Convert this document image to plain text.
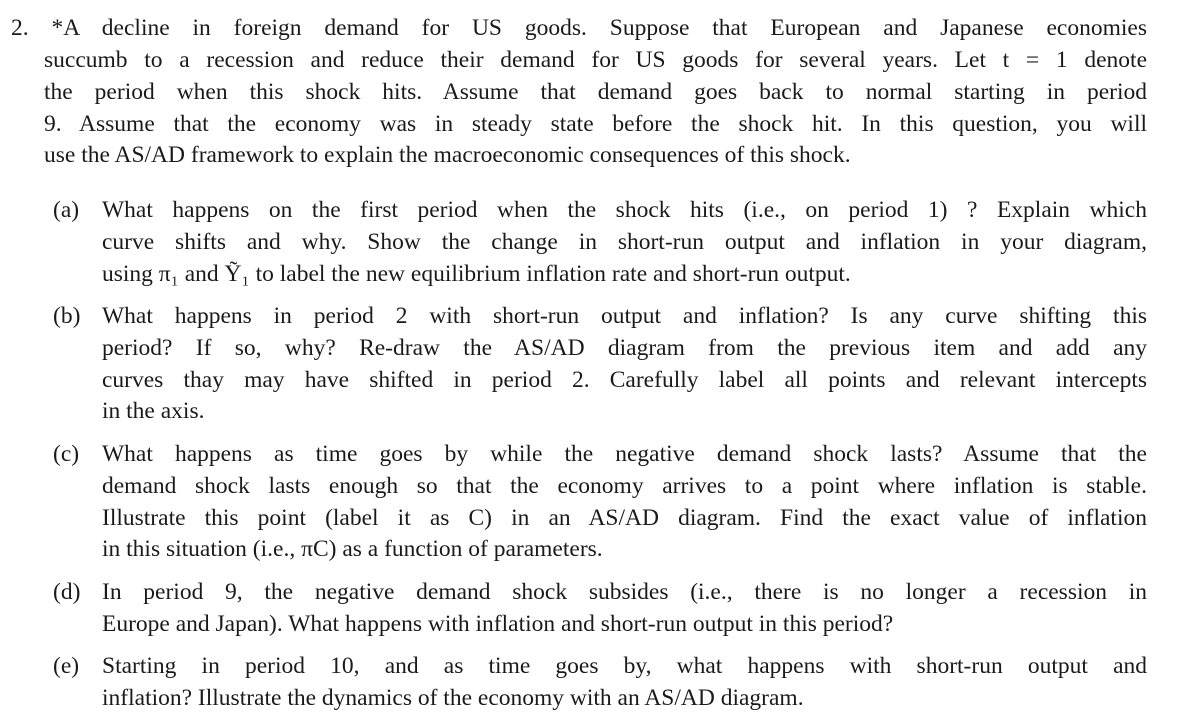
2. *A decline in foreign demand for US goods. Suppose that European and Japanese economies
succumb to a recession and reduce their demand for US goods for several years. Let t = 1 denote
the period when this shock hits. Assume that demand goes back to normal starting in period
9. Assume that the economy was in steady state before the shock hit. In this question, you will
use the AS/AD framework to explain the macroeconomic consequences of this shock.
(a) What happens on the first period when the shock hits (i.e., on period 1) ? Explain which
curve shifts and why. Show the change in short-run output and inflation in your diagram,
using π₁ and Ỹ₁ to label the new equilibrium inflation rate and short-run output.
(b) What happens in period 2 with short-run output and inflation? Is any curve shifting this
period? If so, why? Re-draw the AS/AD diagram from the previous item and add any
curves thay may have shifted in period 2. Carefully label all points and relevant intercepts
in the axis.
(c) What happens as time goes by while the negative demand shock lasts? Assume that the
demand shock lasts enough so that the economy arrives to a point where inflation is stable.
Illustrate this point (label it as C) in an AS/AD diagram. Find the exact value of inflation
in this situation (i.e., πC) as a function of parameters.
(d) In period 9, the negative demand shock subsides (i.e., there is no longer a recession in
Europe and Japan). What happens with inflation and short-run output in this period?
(e) Starting in period 10, and as time goes by, what happens with short-run output and
inflation? Illustrate the dynamics of the economy with an AS/AD diagram.
